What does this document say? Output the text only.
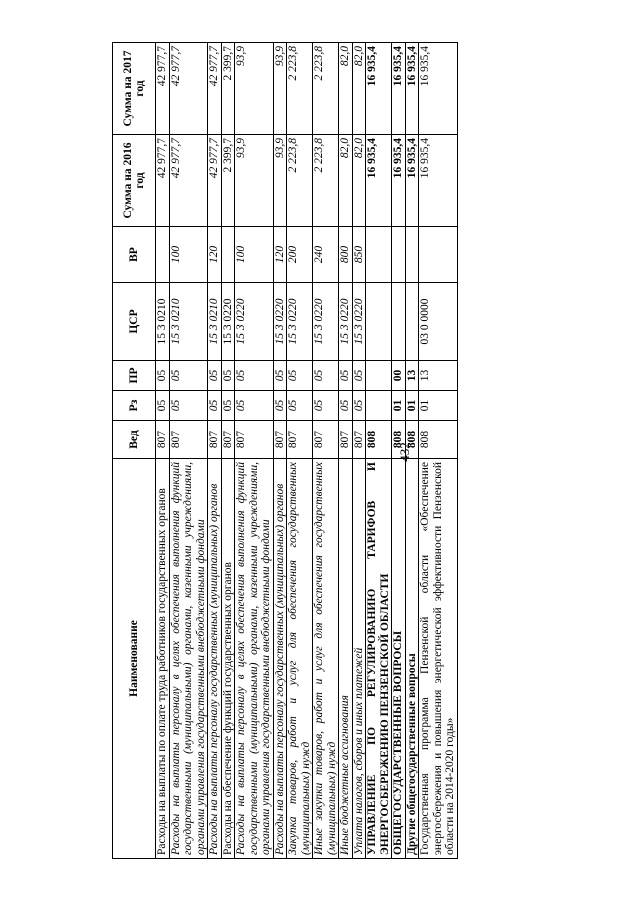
432
Наименование	Вед	Рз	ПР	ЦСР	ВР	Сумма на 2016 год	Сумма на 2017 год
Расходы на выплаты по оплате труда работников государственных органов	807	05	05	15 3 0210		42 977,7	42 977,7
Расходы на выплаты персоналу в целях обеспечения выполнения функций государственными (муниципальными) органами, казенными учреждениями, органами управления государственными внебюджетными фондами	807	05	05	15 3 0210	100	42 977,7	42 977,7
Расходы на выплаты персоналу государственных (муниципальных) органов	807	05	05	15 3 0210	120	42 977,7	42 977,7
Расходы на обеспечение функций государственных органов	807	05	05	15 3 0220		2 399,7	2 399,7
Расходы на выплаты персоналу в целях обеспечения выполнения функций государственными (муниципальными) органами, казенными учреждениями, органами управления государственными внебюджетными фондами	807	05	05	15 3 0220	100	93,9	93,9
Расходы на выплаты персоналу государственных (муниципальных) органов	807	05	05	15 3 0220	120	93,9	93,9
Закупка товаров, работ и услуг для обеспечения государственных (муниципальных) нужд	807	05	05	15 3 0220	200	2 223,8	2 223,8
Иные закупки товаров, работ и услуг для обеспечения государственных (муниципальных) нужд	807	05	05	15 3 0220	240	2 223,8	2 223,8
Иные бюджетные ассигнования	807	05	05	15 3 0220	800	82,0	82,0
Уплата налогов, сборов и иных платежей	807	05	05	15 3 0220	850	82,0	82,0
УПРАВЛЕНИЕ ПО РЕГУЛИРОВАНИЮ ТАРИФОВ И ЭНЕРГОСБЕРЕЖЕНИЮ ПЕНЗЕНСКОЙ ОБЛАСТИ	808					16 935,4	16 935,4
ОБЩЕГОСУДАРСТВЕННЫЕ ВОПРОСЫ	808	01	00			16 935,4	16 935,4
Другие общегосударственные вопросы	808	01	13			16 935,4	16 935,4
Государственная программа Пензенской области «Обеспечение энергосбережения и повышения энергетической эффективности Пензенской области на 2014-2020 годы»	808	01	13	03 0 0000		16 935,4	16 935,4
